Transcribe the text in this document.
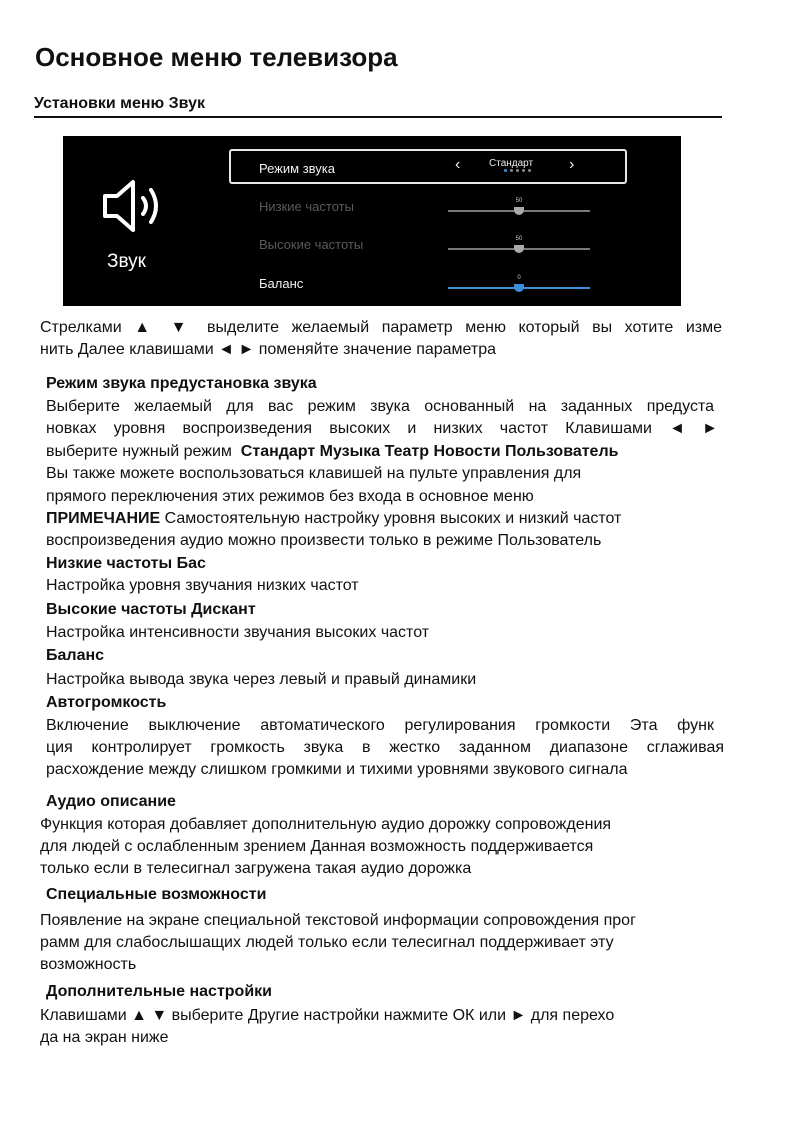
Основное меню телевизора
Установки меню Звук
Звук
Режим звука	‹	Стандарт ›
Низкие частоты	50
Высокие частоты	50
Баланс	0
Стрелками ▲ ▼ выделите желаемый параметр меню который вы хотите изме
нить Далее клавишами ◄ ► поменяйте значение параметра
Режим звука предустановка звука
Выберите желаемый для вас режим звука основанный на заданных предуста
новках уровня воспроизведения высоких и низких частот Клавишами ◄ ►
выберите нужный режим Стандарт Музыка Театр Новости Пользователь
Вы также можете воспользоваться клавишей на пульте управления для
прямого переключения этих режимов без входа в основное меню
ПРИМЕЧАНИЕ Самостоятельную настройку уровня высоких и низкий частот
воспроизведения аудио можно произвести только в режиме Пользователь
Низкие частоты Бас
Настройка уровня звучания низких частот
Высокие частоты Дискант
Настройка интенсивности звучания высоких частот
Баланс
Настройка вывода звука через левый и правый динамики
Автогромкость
Включение выключение автоматического регулирования громкости Эта функ
ция контролирует громкость звука в жестко заданном диапазоне сглаживая
расхождение между слишком громкими и тихими уровнями звукового сигнала
Аудио описание
Функция которая добавляет дополнительную аудио дорожку сопровождения
для людей с ослабленным зрением Данная возможность поддерживается
только если в телесигнал загружена такая аудио дорожка
Специальные возможности
Появление на экране специальной текстовой информации сопровождения прог
рамм для слабослышащих людей только если телесигнал поддерживает эту
возможность
Дополнительные настройки
Клавишами ▲ ▼ выберите Другие настройки нажмите ОК или ► для перехо
да на экран ниже
